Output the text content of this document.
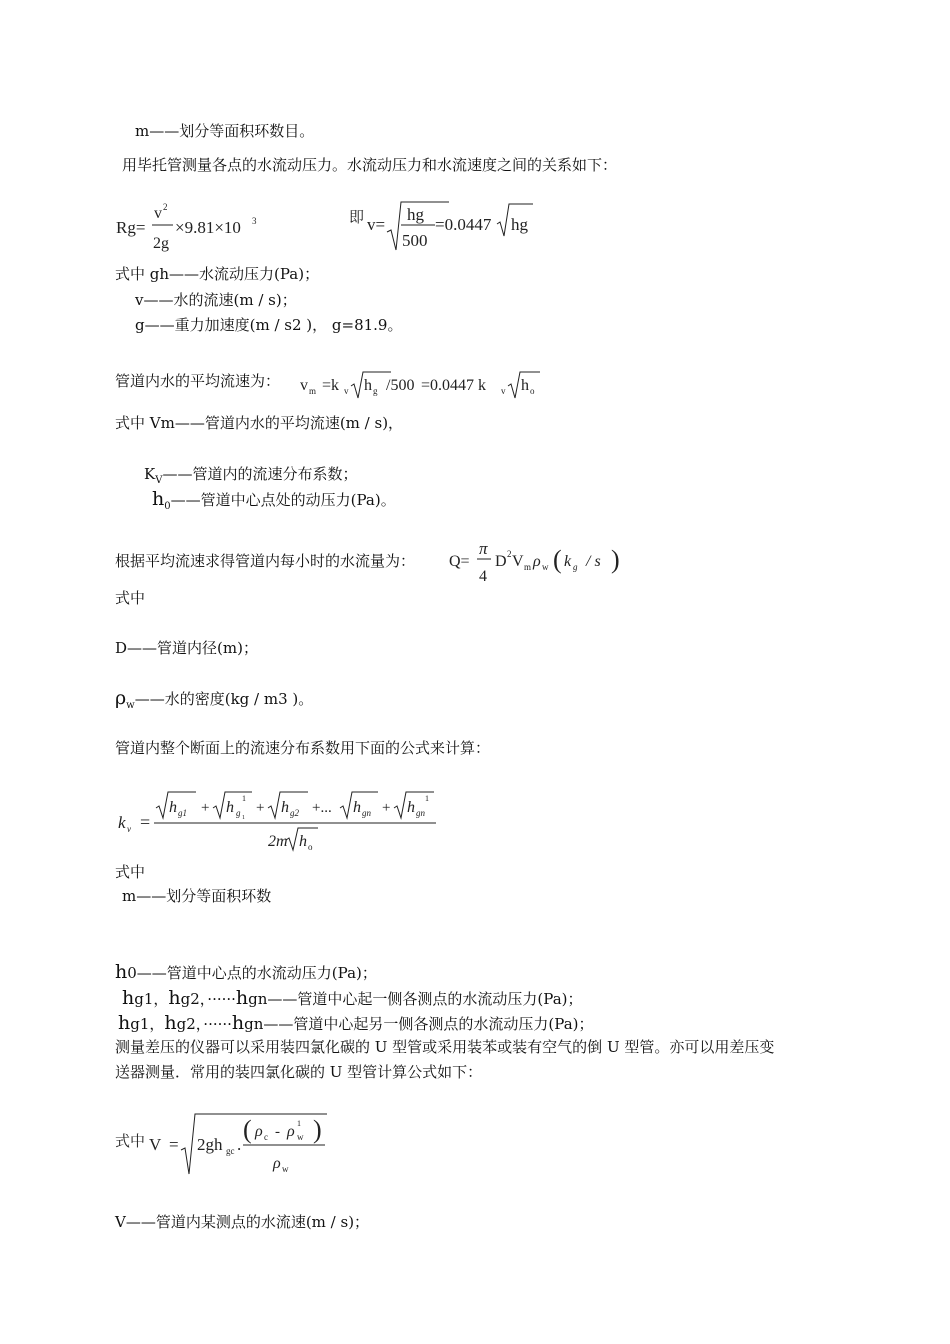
m——划分等面积环数目。
用毕托管测量各点的水流动压力。水流动压力和水流速度之间的关系如下：
Rg=
v 2
2g
×9.81×10 3	即 v=
hg
500
=0.0447 hg
式中 gh——水流动压力(Pa)；
v——水的流速(m / s)；
g——重力加速度(m / s2 )， g=81.9。
管道内水的平均流速为： v m =k v h g /500 =0.0447 k v h o
式中 Vm——管道内水的平均流速(m / s)，
$K_V——$管道内的流速分布系数；
$h_0——$管道中心点处的动压力(Pa)。
根据平均流速求得管道内每小时的水流量为： Q=
π
4
D 2 V m ρ w ( k g / s )
式中
D——管道内径(m)；
$\rho_w——$水的密度(kg / m3 )。
管道内整个断面上的流速分布系数用下面的公式来计算：
k v =
h g1 + h g
1
1
+ h g2 +... h gn + h gn
1
2m h o
式中
m——划分等面积环数
h0——管道中心点的水流动压力(Pa)；
hg1，hg2，······hgn——管道中心起一侧各测点的水流动压力(Pa)；
hg1，hg2，······hgn——管道中心起另一侧各测点的水流动压力(Pa)；
测量差压的仪器可以采用装四氯化碳的 U 型管或采用装苯或装有空气的倒 U 型管。亦可以用差压变
送器测量．常用的装四氯化碳的 U 型管计算公式如下：
式中 V = 2gh gc .
( ρ c - ρ 1
w )
ρ w
V——管道内某测点的水流速(m / s)；
